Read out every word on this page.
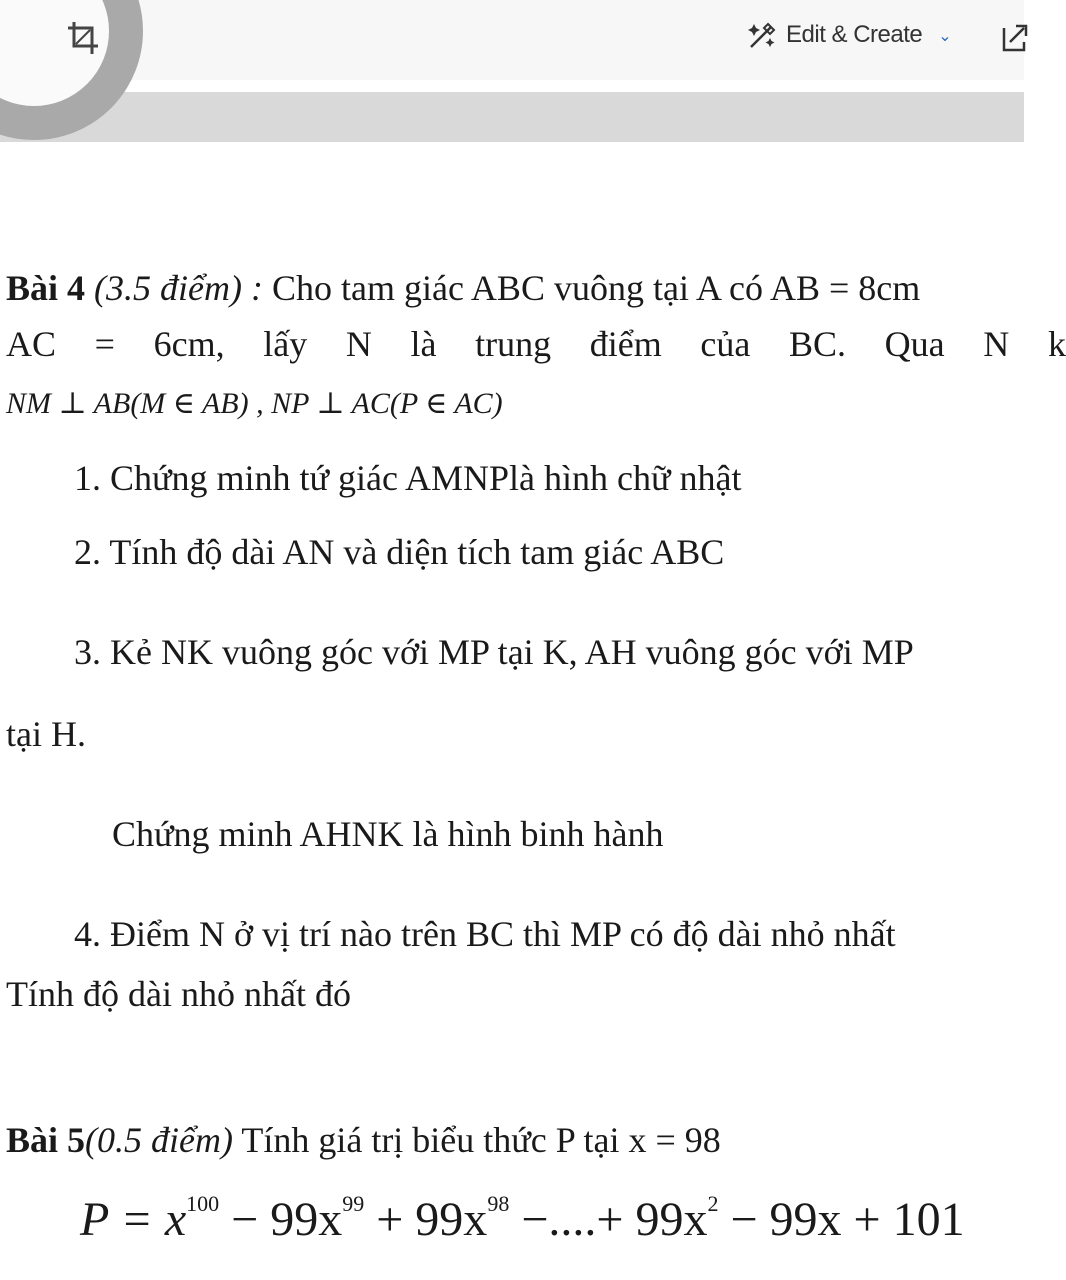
Edit & Create ⌄
Bài 4 (3.5 điểm) : Cho tam giác ABC vuông tại A có AB = 8cm
AC = 6cm, lấy N là trung điểm của BC. Qua N k
NM ⊥ AB(M ∈ AB) , NP ⊥ AC(P ∈ AC)
1. Chứng minh tứ giác AMNPlà hình chữ nhật
2. Tính độ dài AN và diện tích tam giác ABC
3. Kẻ NK vuông góc với MP tại K, AH vuông góc với MP
tại H.
Chứng minh AHNK là hình binh hành
4. Điểm N ở vị trí nào trên BC thì MP có độ dài nhỏ nhất
Tính độ dài nhỏ nhất đó
Bài 5(0.5 điểm) Tính giá trị biểu thức P tại x = 98
$P = x^{100} - 99x^{99} + 99x^{98}$ −....+ $99x^2 - 99x + 101$
